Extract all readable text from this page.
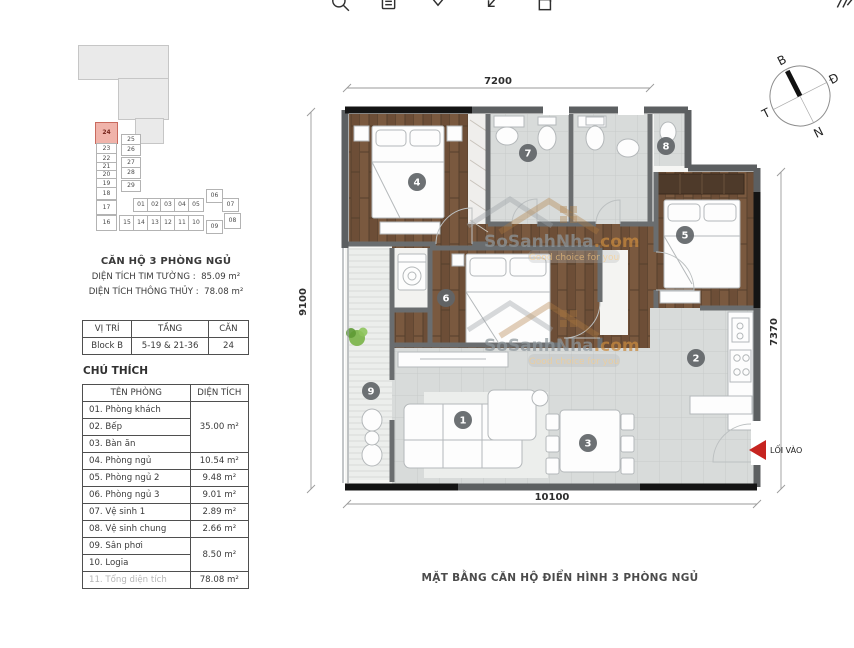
24
23
22
21
20
19
18
17
16
25
26
27
28
29
01	02 03	04	05
06
07
15	14	13 12	11	10
09
08
CĂN HỘ 3 PHÒNG NGỦ
DIỆN TÍCH TIM TƯỜNG : 85.09 m²
DIỆN TÍCH THÔNG THỦY : 78.08 m²
VỊ TRÍ	TẦNG	CĂN
Block B	5-19 & 21-36	24
CHÚ THÍCH
TÊN PHÒNG	DIỆN TÍCH
01. Phòng khách	35.00 m²
02. Bếp	
03. Bàn ăn	
04. Phòng ngủ	10.54 m²
05. Phòng ngủ 2	9.48 m²
06. Phòng ngủ 3	9.01 m²
07. Vệ sinh 1	2.89 m²
08. Vệ sinh chung	2.66 m²
09. Sân phơi	8.50 m²
10. Logia	
11. Tổng diện tích	78.08 m²
7200
10100
9100
7370
SoSanhNha.com
Good choice for you
SoSanhNha.com
Good choice for you
1
2
3
4
5
6
7
8
9
LỐI VÀO
B
Đ
N
T
MẶT BẰNG CĂN HỘ ĐIỂN HÌNH 3 PHÒNG NGỦ
